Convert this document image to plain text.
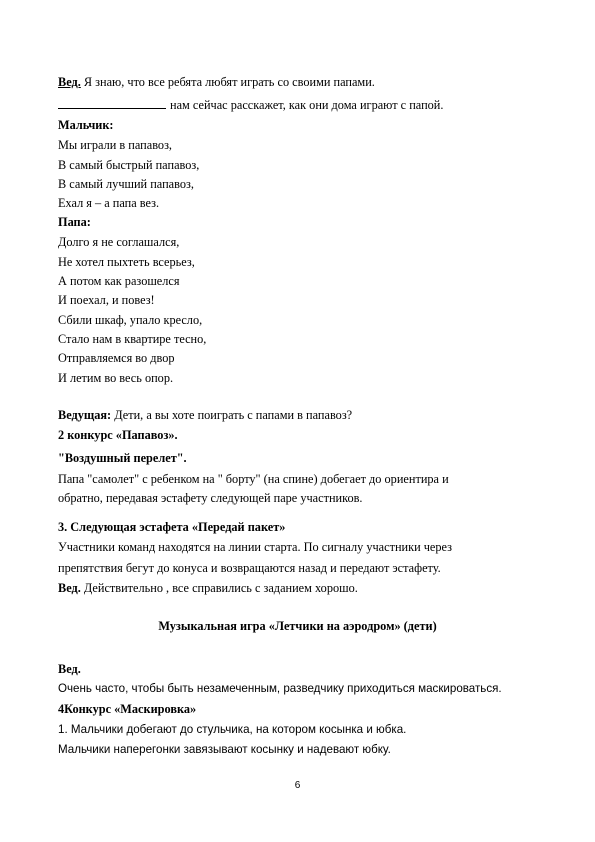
Вед. Я знаю, что все ребята любят играть со своими папами.
нам сейчас расскажет, как они дома играют с папой.
Мальчик:
Мы играли в папавоз,
В самый быстрый папавоз,
В самый лучший папавоз,
Ехал я – а папа вез.
Папа:
Долго я не соглашался,
Не хотел пыхтеть всерьез,
А потом как разошелся
И поехал, и повез!
Сбили шкаф, упало кресло,
Стало нам в квартире тесно,
Отправляемся во двор
И летим во весь опор.
Ведущая: Дети, а вы хоте поиграть с папами в папавоз?
2 конкурс «Папавоз».
"Воздушный перелет".
Папа "самолет" с ребенком на " борту" (на спине) добегает до ориентира и
обратно, передавая эстафету следующей паре участников.
3. Следующая эстафета «Передай пакет»
Участники команд находятся на линии старта. По сигналу участники через
препятствия бегут до конуса и возвращаются назад и передают эстафету.
Вед. Действительно , все справились с заданием хорошо.
Музыкальная игра «Летчики на аэродром» (дети)
Вед.
Очень часто, чтобы быть незамеченным, разведчику приходиться маскироваться.
4Конкурс «Маскировка»
1. Мальчики добегают до стульчика, на котором косынка и юбка.
Мальчики наперегонки завязывают косынку и надевают юбку.
6
